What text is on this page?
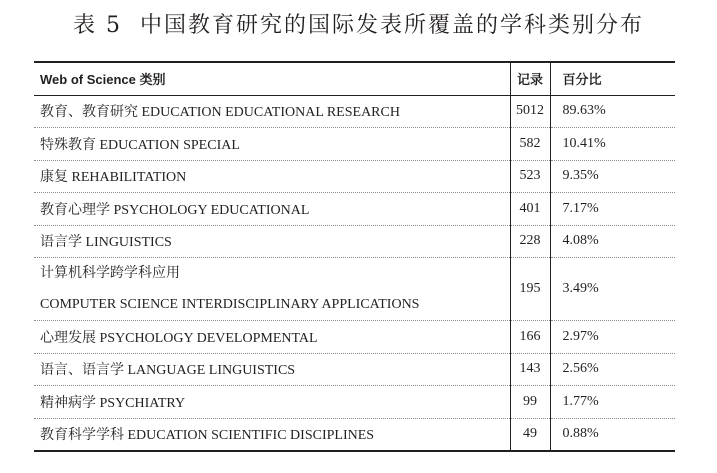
表 5 中国教育研究的国际发表所覆盖的学科类别分布
Web of Science 类别	记录	百分比
教育、教育研究 EDUCATION EDUCATIONAL RESEARCH	5012	89.63%
特殊教育 EDUCATION SPECIAL	582	10.41%
康复 REHABILITATION	523	9.35%
教育心理学 PSYCHOLOGY EDUCATIONAL	401	7.17%
语言学 LINGUISTICS	228	4.08%

计算机科学跨学科应用
COMPUTER SCIENCE INTERDISCIPLINARY APPLICATIONS	195	3.49%
心理发展 PSYCHOLOGY DEVELOPMENTAL	166	2.97%
语言、语言学 LANGUAGE LINGUISTICS	143	2.56%
精神病学 PSYCHIATRY	99	1.77%
教育科学学科 EDUCATION SCIENTIFIC DISCIPLINES	49	0.88%
